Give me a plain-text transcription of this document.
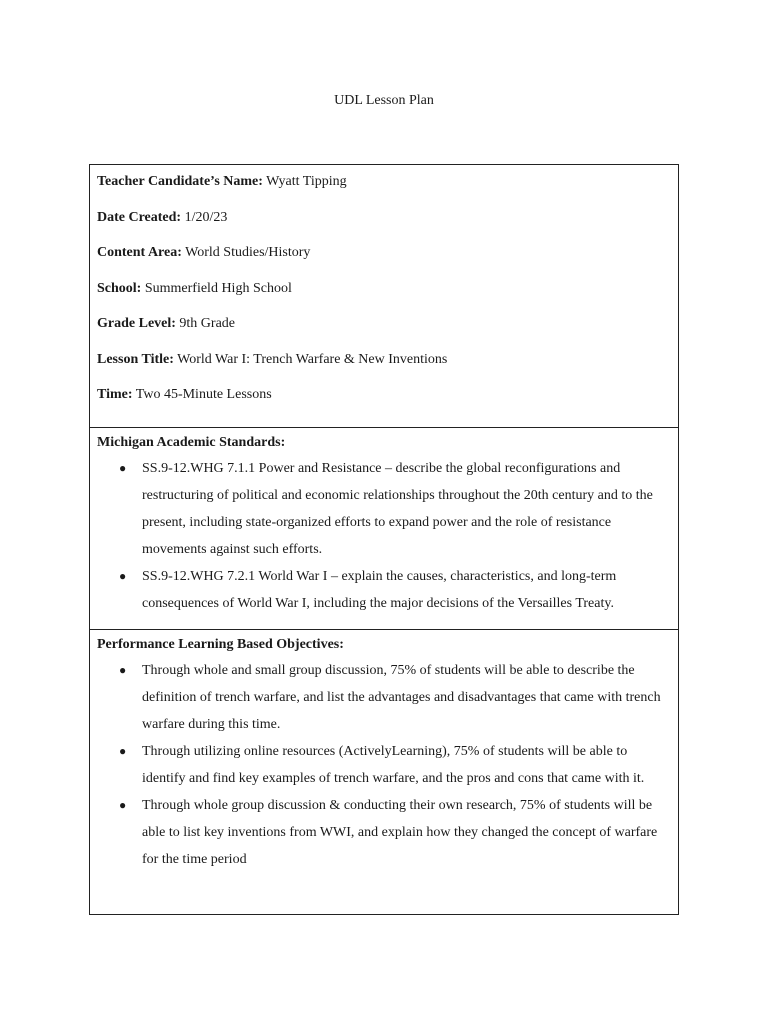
UDL Lesson Plan
Teacher Candidate’s Name: Wyatt Tipping
Date Created: 1/20/23
Content Area: World Studies/History
School: Summerfield High School
Grade Level: 9th Grade
Lesson Title: World War I: Trench Warfare & New Inventions
Time: Two 45-Minute Lessons
Michigan Academic Standards:
● SS.9-12.WHG 7.1.1 Power and Resistance – describe the global reconfigurations and restructuring of political and economic relationships throughout the 20th century and to the present, including state-organized efforts to expand power and the role of resistance movements against such efforts.
● SS.9-12.WHG 7.2.1 World War I – explain the causes, characteristics, and long-term consequences of World War I, including the major decisions of the Versailles Treaty.
Performance Learning Based Objectives:
● Through whole and small group discussion, 75% of students will be able to describe the definition of trench warfare, and list the advantages and disadvantages that came with trench warfare during this time.
● Through utilizing online resources (ActivelyLearning), 75% of students will be able to identify and find key examples of trench warfare, and the pros and cons that came with it.
● Through whole group discussion & conducting their own research, 75% of students will be able to list key inventions from WWI, and explain how they changed the concept of warfare for the time period
